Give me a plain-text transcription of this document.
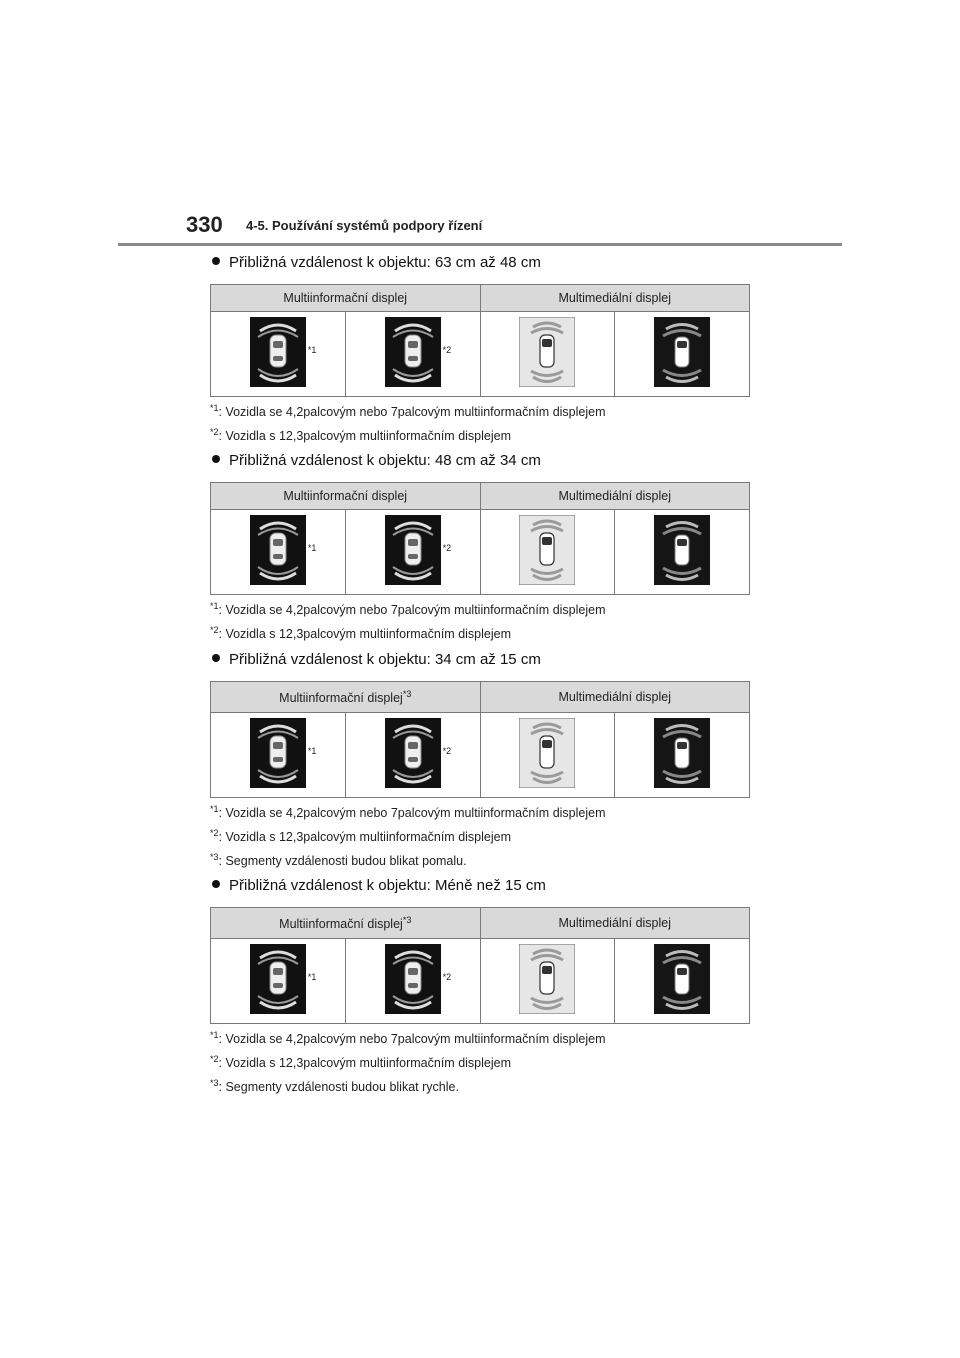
330 4-5. Používání systémů podpory řízení
Přibližná vzdálenost k objektu: 63 cm až 48 cm
Multiinformační displej		Multimediální displej	

*1	*2

$^{*1}$: Vozidla se 4,2palcovým nebo 7palcovým multiinformačním displejem
$^{*2}$: Vozidla s 12,3palcovým multiinformačním displejem
Přibližná vzdálenost k objektu: 48 cm až 34 cm
Multiinformační displej		Multimediální displej	

*1	*2

$^{*1}$: Vozidla se 4,2palcovým nebo 7palcovým multiinformačním displejem
$^{*2}$: Vozidla s 12,3palcovým multiinformačním displejem
Přibližná vzdálenost k objektu: 34 cm až 15 cm
Multiinformační displej$^{*3}$		Multimediální displej	

*1	*2

$^{*1}$: Vozidla se 4,2palcovým nebo 7palcovým multiinformačním displejem
$^{*2}$: Vozidla s 12,3palcovým multiinformačním displejem
$^{*3}$: Segmenty vzdálenosti budou blikat pomalu.
Přibližná vzdálenost k objektu: Méně než 15 cm
Multiinformační displej$^{*3}$		Multimediální displej	

*1	*2

$^{*1}$: Vozidla se 4,2palcovým nebo 7palcovým multiinformačním displejem
$^{*2}$: Vozidla s 12,3palcovým multiinformačním displejem
$^{*3}$: Segmenty vzdálenosti budou blikat rychle.
